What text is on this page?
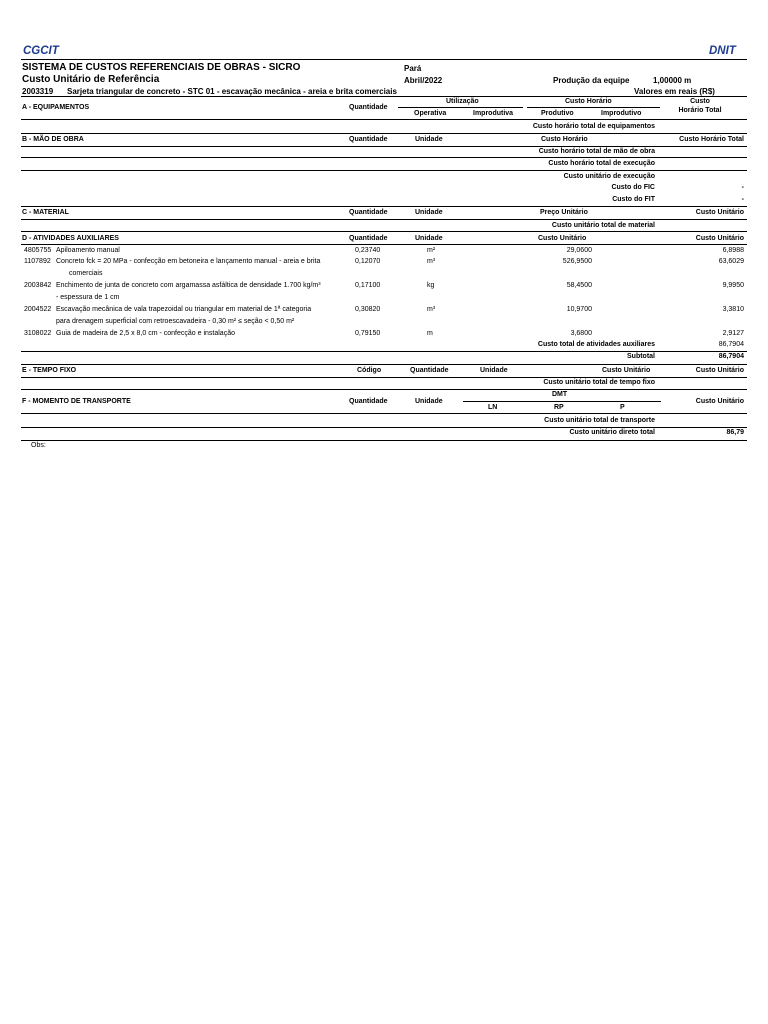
CGCIT	DNIT
SISTEMA DE CUSTOS REFERENCIAIS DE OBRAS - SICRO	Pará
Custo Unitário de Referência	Abril/2022	Produção da equipe	1,00000 m
2003319 Sarjeta triangular de concreto - STC 01 - escavação mecânica - areia e brita comerciais	Valores em reais (R$)
A - EQUIPAMENTOS	Quantidade
Utilização
Operativa	Improdutiva
Custo Horário
Produtivo	Improdutivo
Custo
Horário Total
Custo horário total de equipamentos
B - MÃO DE OBRA	Quantidade	Unidade	Custo Horário	Custo Horário Total
Custo horário total de mão de obra
Custo horário total de execução
Custo unitário de execução
Custo do FIC	-
Custo do FIT	-
C - MATERIAL	Quantidade	Unidade	Preço Unitário	Custo Unitário
Custo unitário total de material
D - ATIVIDADES AUXILIARES	Quantidade	Unidade	Custo Unitário	Custo Unitário
4805755 Apiloamento manual	0,23740	m²	29,0600	6,8988
1107892 Concreto fck = 20 MPa - confecção em betoneira e lançamento manual - areia e brita
comerciais
0,12070	m³	526,9500	63,6029
2003842 Enchimento de junta de concreto com argamassa asfáltica de densidade 1.700 kg/m³
- espessura de 1 cm
0,17100	kg	58,4500	9,9950
2004522 Escavação mecânica de vala trapezoidal ou triangular em material de 1ª categoria
para drenagem superficial com retroescavadeira - 0,30 m² ≤ seção < 0,50 m²
0,30820	m³	10,9700	3,3810
3108022 Guia de madeira de 2,5 x 8,0 cm - confecção e instalação	0,79150	m	3,6800	2,9127
Custo total de atividades auxiliares	86,7904
Subtotal	86,7904
E - TEMPO FIXO	Código	Quantidade	Unidade	Custo Unitário	Custo Unitário
Custo unitário total de tempo fixo
F - MOMENTO DE TRANSPORTE	Quantidade	Unidade
DMT
LN	RP	P
Custo Unitário
Custo unitário total de transporte
Custo unitário direto total	86,79
Obs:
